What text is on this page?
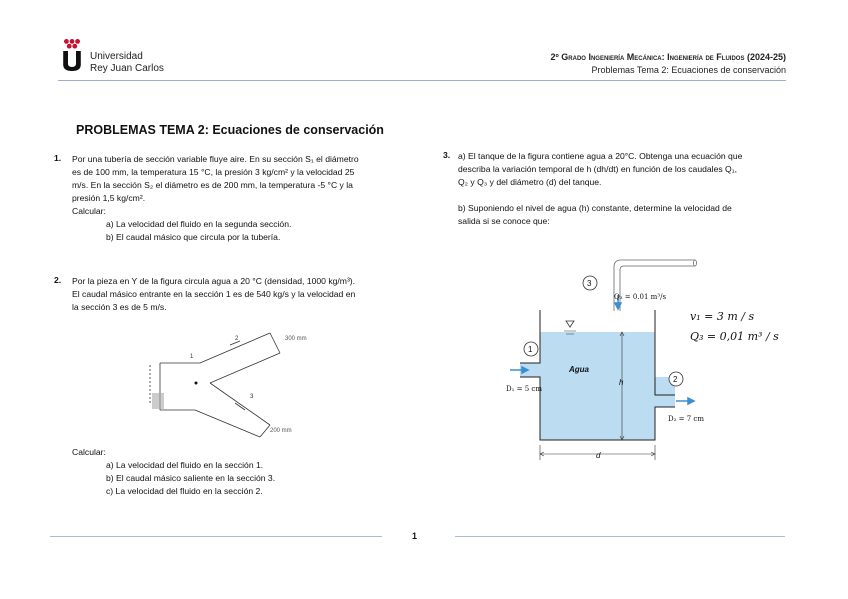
Universidad
Rey Juan Carlos
2º Grado Ingeniería Mecánica: Ingeniería de Fluidos (2024-25)
Problemas Tema 2: Ecuaciones de conservación
PROBLEMAS TEMA 2: Ecuaciones de conservación
1. Por una tubería de sección variable fluye aire. En su sección S₁ el diámetro
es de 100 mm, la temperatura 15 °C, la presión 3 kg/cm² y la velocidad 25
m/s. En la sección S₂ el diámetro es de 200 mm, la temperatura -5 °C y la
presión 1,5 kg/cm².
Calcular:
a) La velocidad del fluido en la segunda sección.
b) El caudal másico que circula por la tubería.
2. Por la pieza en Y de la figura circula agua a 20 °C (densidad, 1000 kg/m³).
El caudal másico entrante en la sección 1 es de 540 kg/s y la velocidad en
la sección 3 es de 5 m/s.
1
2
3
300 mm
200 mm
Calcular:
a) La velocidad del fluido en la sección 1.
b) El caudal másico saliente en la sección 3.
c) La velocidad del fluido en la sección 2.
3. a) El tanque de la figura contiene agua a 20°C. Obtenga una ecuación que
describa la variación temporal de h (dh/dt) en función de los caudales Q₁,
Q₂ y Q₃ y del diámetro (d) del tanque.
b) Suponiendo el nivel de agua (h) constante, determine la velocidad de
salida si se conoce que:
3
1
2
h
d
Agua
Q₃ = 0.01 m³/s
D₁ = 5 cm
D₂ = 7 cm
v₁ = 3 m / s
Q₃ = 0,01 m³ / s
1
